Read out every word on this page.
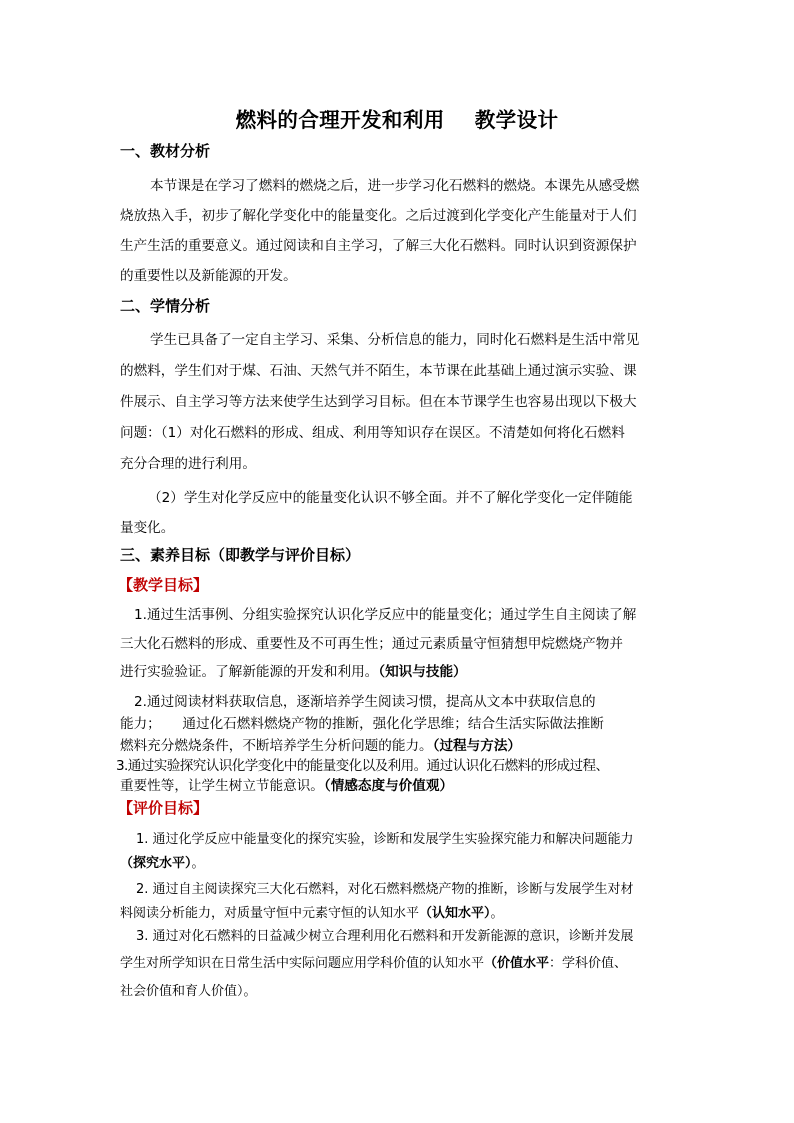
燃料的合理开发和利用    教学设计
一、教材分析
本节课是在学习了燃料的燃烧之后，进一步学习化石燃料的燃烧。本课先从感受燃
烧放热入手，初步了解化学变化中的能量变化。之后过渡到化学变化产生能量对于人们
生产生活的重要意义。通过阅读和自主学习，了解三大化石燃料。同时认识到资源保护
的重要性以及新能源的开发。
二、学情分析
学生已具备了一定自主学习、采集、分析信息的能力，同时化石燃料是生活中常见
的燃料，学生们对于煤、石油、天然气并不陌生，本节课在此基础上通过演示实验、课
件展示、自主学习等方法来使学生达到学习目标。但在本节课学生也容易出现以下极大
问题：（1）对化石燃料的形成、组成、利用等知识存在误区。不清楚如何将化石燃料
充分合理的进行利用。
（2）学生对化学反应中的能量变化认识不够全面。并不了解化学变化一定伴随能
量变化。
三、素养目标（即教学与评价目标）
【教学目标】
1.通过生活事例、分组实验探究认识化学反应中的能量变化；通过学生自主阅读了解
三大化石燃料的形成、重要性及不可再生性；通过元素质量守恒猜想甲烷燃烧产物并
进行实验验证。了解新能源的开发和利用。（知识与技能）
2.通过阅读材料获取信息，逐渐培养学生阅读习惯，提高从文本中获取信息的
能力；     通过化石燃料燃烧产物的推断，强化化学思维；结合生活实际做法推断
燃料充分燃烧条件，不断培养学生分析问题的能力。（过程与方法）
3.通过实验探究认识化学变化中的能量变化以及利用。通过认识化石燃料的形成过程、
重要性等，让学生树立节能意识。（情感态度与价值观）
【评价目标】
1. 通过化学反应中能量变化的探究实验，诊断和发展学生实验探究能力和解决问题能力
（探究水平）。
2. 通过自主阅读探究三大化石燃料，对化石燃料燃烧产物的推断，诊断与发展学生对材
料阅读分析能力，对质量守恒中元素守恒的认知水平（认知水平）。
3. 通过对化石燃料的日益减少树立合理利用化石燃料和开发新能源的意识，诊断并发展
学生对所学知识在日常生活中实际问题应用学科价值的认知水平（价值水平：学科价值、
社会价值和育人价值）。
